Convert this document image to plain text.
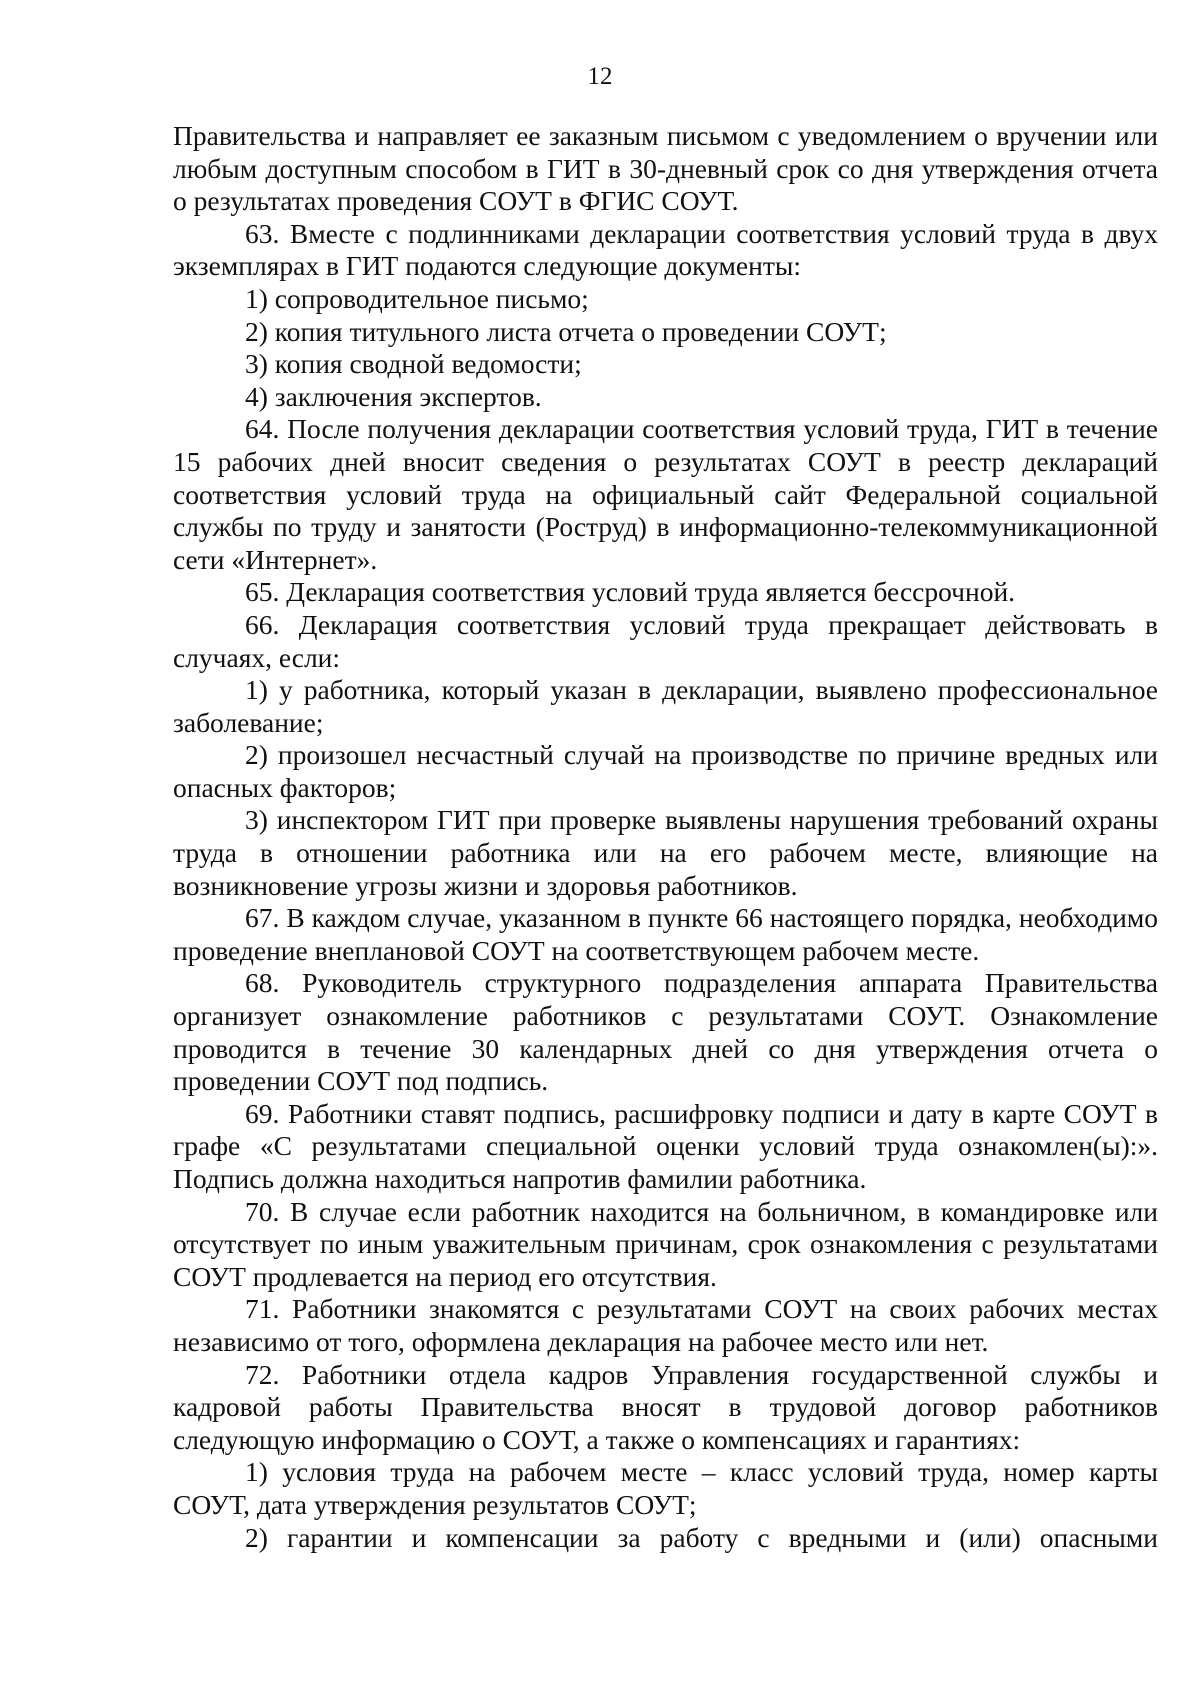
12

Правительства и направляет ее заказным письмом с уведомлением о вручении или любым доступным способом в ГИТ в 30-дневный срок со дня утверждения отчета о результатах проведения СОУТ в ФГИС СОУТ.

63. Вместе с подлинниками декларации соответствия условий труда в двух экземплярах в ГИТ подаются следующие документы:

1) сопроводительное письмо;

2) копия титульного листа отчета о проведении СОУТ;

3) копия сводной ведомости;

4) заключения экспертов.

64. После получения декларации соответствия условий труда, ГИТ в течение 15 рабочих дней вносит сведения о результатах СОУТ в реестр деклараций соответствия условий труда на официальный сайт Федеральной социальной службы по труду и занятости (Роструд) в информационно-телекоммуникационной сети «Интернет».

65. Декларация соответствия условий труда является бессрочной.

66. Декларация соответствия условий труда прекращает действовать в случаях, если:

1) у работника, который указан в декларации, выявлено профессиональное заболевание;

2) произошел несчастный случай на производстве по причине вредных или опасных факторов;

3) инспектором ГИТ при проверке выявлены нарушения требований охраны труда в отношении работника или на его рабочем месте, влияющие на возникновение угрозы жизни и здоровья работников.

67. В каждом случае, указанном в пункте 66 настоящего порядка, необходимо проведение внеплановой СОУТ на соответствующем рабочем месте.

68. Руководитель структурного подразделения аппарата Правительства организует ознакомление работников с результатами СОУТ. Ознакомление проводится в течение 30 календарных дней со дня утверждения отчета о проведении СОУТ под подпись.

69. Работники ставят подпись, расшифровку подписи и дату в карте СОУТ в графе «С результатами специальной оценки условий труда ознакомлен(ы):». Подпись должна находиться напротив фамилии работника.

70. В случае если работник находится на больничном, в командировке или отсутствует по иным уважительным причинам, срок ознакомления с результатами СОУТ продлевается на период его отсутствия.

71. Работники знакомятся с результатами СОУТ на своих рабочих местах независимо от того, оформлена декларация на рабочее место или нет.

72. Работники отдела кадров Управления государственной службы и кадровой работы Правительства вносят в трудовой договор работников следующую информацию о СОУТ, а также о компенсациях и гарантиях:

1) условия труда на рабочем месте – класс условий труда, номер карты СОУТ, дата утверждения результатов СОУТ;

2) гарантии и компенсации за работу с вредными и (или) опасными
